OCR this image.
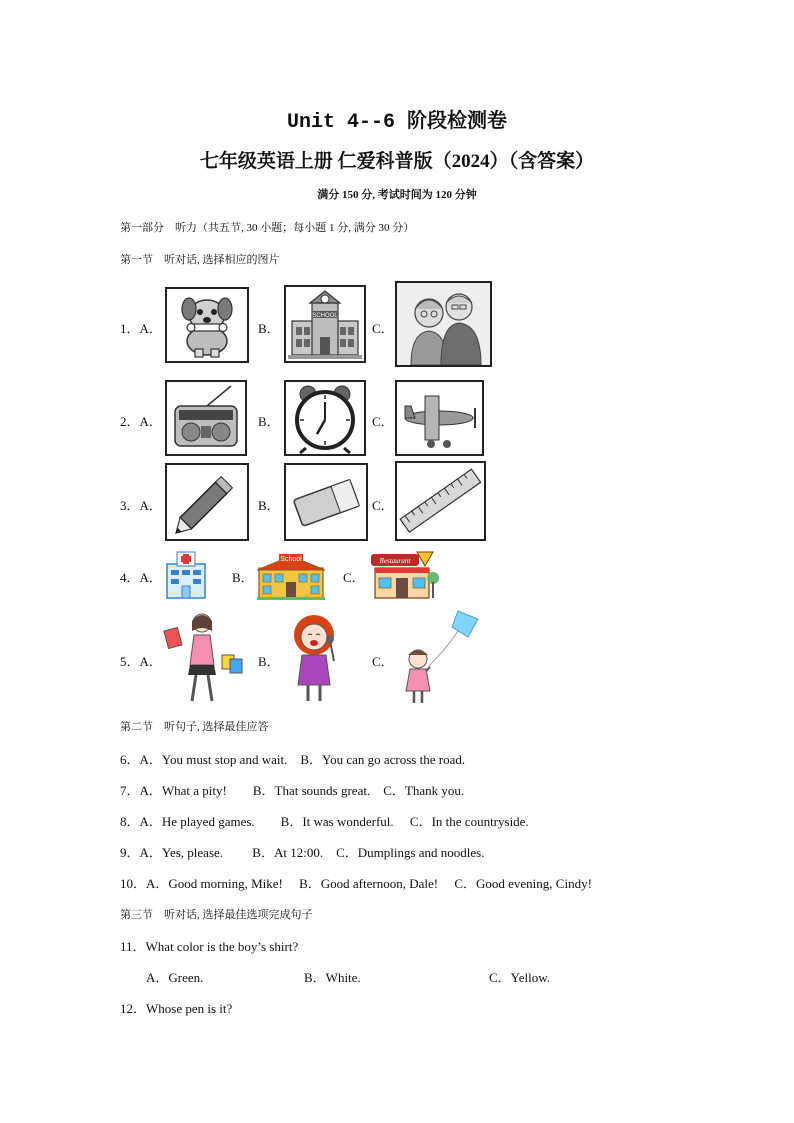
Unit 4--6 阶段检测卷
七年级英语上册 仁爱科普版（2024）（含答案）
满分 150 分, 考试时间为 120 分钟
第一部分　听力（共五节, 30 小题；每小题 1 分, 满分 30 分）
第一节　听对话, 选择相应的图片
1．A．	B．	C．
SCHOOL
2．A．	B．	C．
3．A．	B．	C．
4．A．	B．	C．
School	Restaurant
5．A．	B．	C．
第二节　听句子, 选择最佳应答
6．A．You must stop and wait.　B．You can go across the road.
7．A．What a pity!　　B．That sounds great.　C．Thank you.
8．A．He played games.　　B．It was wonderful.　 C．In the countryside.
9．A．Yes, please.　　 B．At 12:00.　C．Dumplings and noodles.
10．A．Good morning, Mike!　 B．Good afternoon, Dale!　 C．Good evening, Cindy!
第三节　听对话, 选择最佳选项完成句子
11．What color is the boy’s shirt?
A．Green.	B．White.	C．Yellow.
12．Whose pen is it?
